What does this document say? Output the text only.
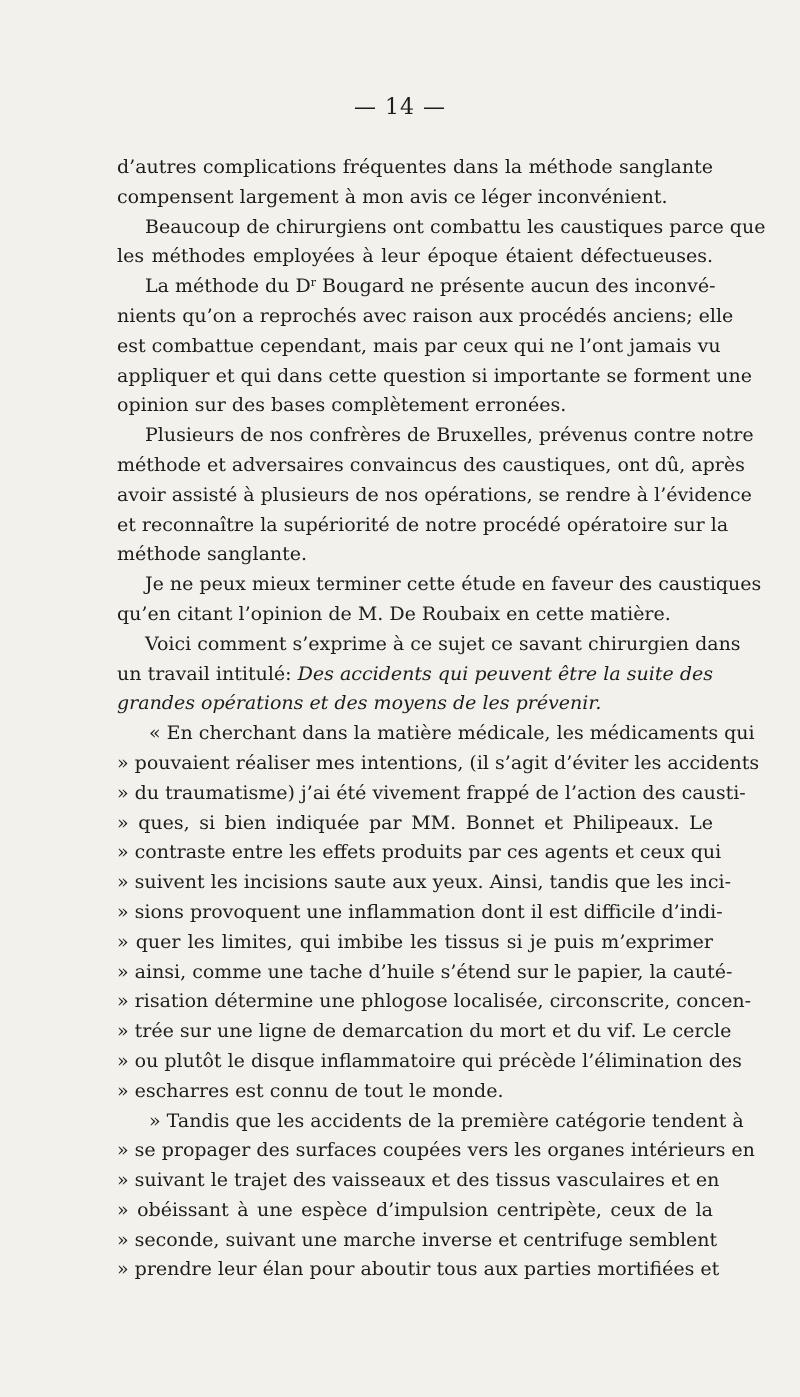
— 14 —
d’autres complications fréquentes dans la méthode sanglante
compensent largement à mon avis ce léger inconvénient.
Beaucoup de chirurgiens ont combattu les caustiques parce que
les méthodes employées à leur époque étaient défectueuses.
La méthode du $D^r$ Bougard ne présente aucun des inconvé-
nients qu’on a reprochés avec raison aux procédés anciens; elle
est combattue cependant, mais par ceux qui ne l’ont jamais vu
appliquer et qui dans cette question si importante se forment une
opinion sur des bases complètement erronées.
Plusieurs de nos confrères de Bruxelles, prévenus contre notre
méthode et adversaires convaincus des caustiques, ont dû, après
avoir assisté à plusieurs de nos opérations, se rendre à l’évidence
et reconnaître la supériorité de notre procédé opératoire sur la
méthode sanglante.
Je ne peux mieux terminer cette étude en faveur des caustiques
qu’en citant l’opinion de M. De Roubaix en cette matière.
Voici comment s’exprime à ce sujet ce savant chirurgien dans
un travail intitulé: Des accidents qui peuvent être la suite des
grandes opérations et des moyens de les prévenir.
« En cherchant dans la matière médicale, les médicaments qui
» pouvaient réaliser mes intentions, (il s’agit d’éviter les accidents
» du traumatisme) j’ai été vivement frappé de l’action des causti-
» ques, si bien indiquée par MM. Bonnet et Philipeaux. Le
» contraste entre les effets produits par ces agents et ceux qui
» suivent les incisions saute aux yeux. Ainsi, tandis que les inci-
» sions provoquent une inflammation dont il est difficile d’indi-
» quer les limites, qui imbibe les tissus si je puis m’exprimer
» ainsi, comme une tache d’huile s’étend sur le papier, la cauté-
» risation détermine une phlogose localisée, circonscrite, concen-
» trée sur une ligne de demarcation du mort et du vif. Le cercle
» ou plutôt le disque inflammatoire qui précède l’élimination des
» escharres est connu de tout le monde.
» Tandis que les accidents de la première catégorie tendent à
» se propager des surfaces coupées vers les organes intérieurs en
» suivant le trajet des vaisseaux et des tissus vasculaires et en
» obéissant à une espèce d’impulsion centripète, ceux de la
» seconde, suivant une marche inverse et centrifuge semblent
» prendre leur élan pour aboutir tous aux parties mortifiées et
